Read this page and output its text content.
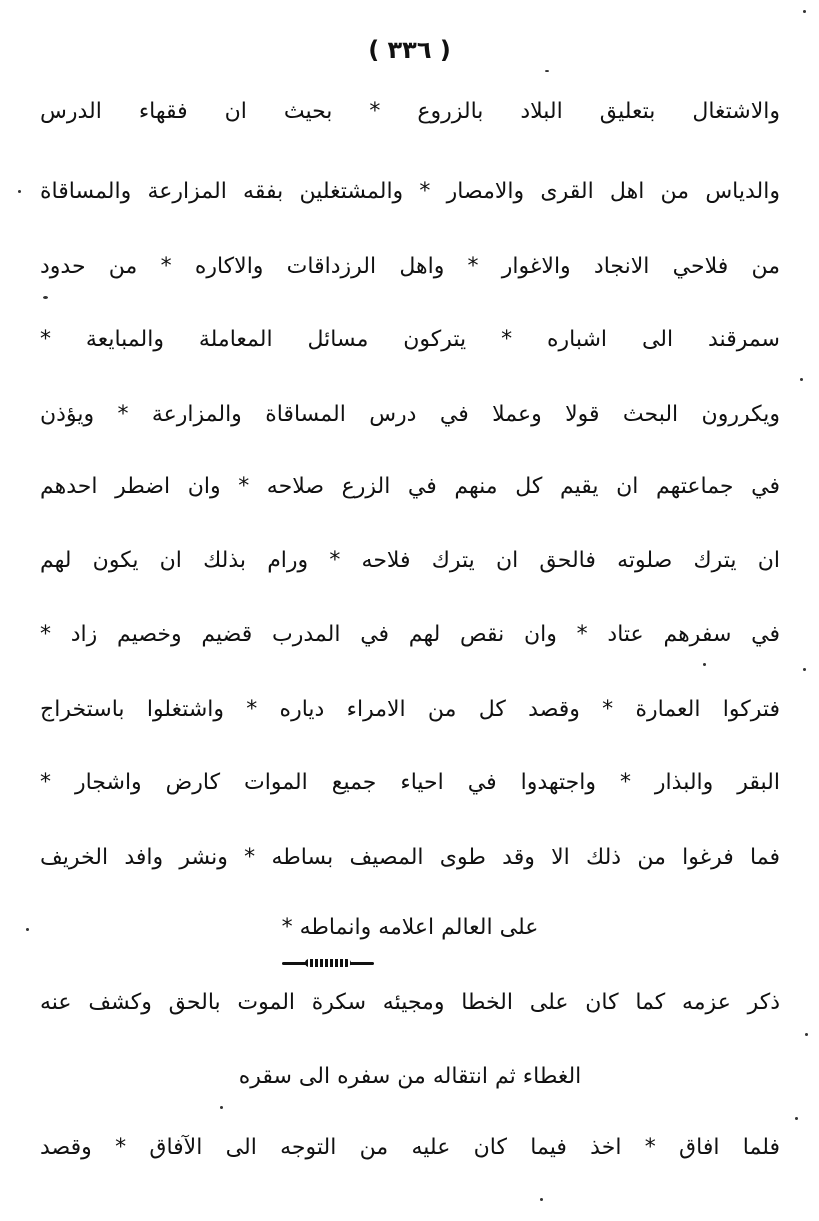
( ٣٣٦ )
والاشتغال بتعليق البلاد بالزروع * بحيث ان فقهاء الدرس
والدياس من اهل القرى والامصار * والمشتغلين بفقه المزارعة والمساقاة
من فلاحي الانجاد والاغوار * واهل الرزداقات والاكاره * من حدود
سمرقند الى اشباره * يتركون مسائل المعاملة والمبايعة *
ويكررون البحث قولا وعملا في درس المساقاة والمزارعة * ويؤذن
في جماعتهم ان يقيم كل منهم في الزرع صلاحه * وان اضطر احدهم
ان يترك صلوته فالحق ان يترك فلاحه * ورام بذلك ان يكون لهم
في سفرهم عتاد * وان نقص لهم في المدرب قضيم وخصيم زاد *
فتركوا العمارة * وقصد كل من الامراء دياره * واشتغلوا باستخراج
البقر والبذار * واجتهدوا في احياء جميع الموات كارض واشجار *
فما فرغوا من ذلك الا وقد طوى المصيف بساطه * ونشر وافد الخريف
على العالم اعلامه وانماطه *
ذكر عزمه كما كان على الخطا ومجيئه سكرة الموت بالحق وكشف عنه
الغطاء ثم انتقاله من سفره الى سقره
فلما افاق * اخذ فيما كان عليه من التوجه الى الآفاق * وقصد
